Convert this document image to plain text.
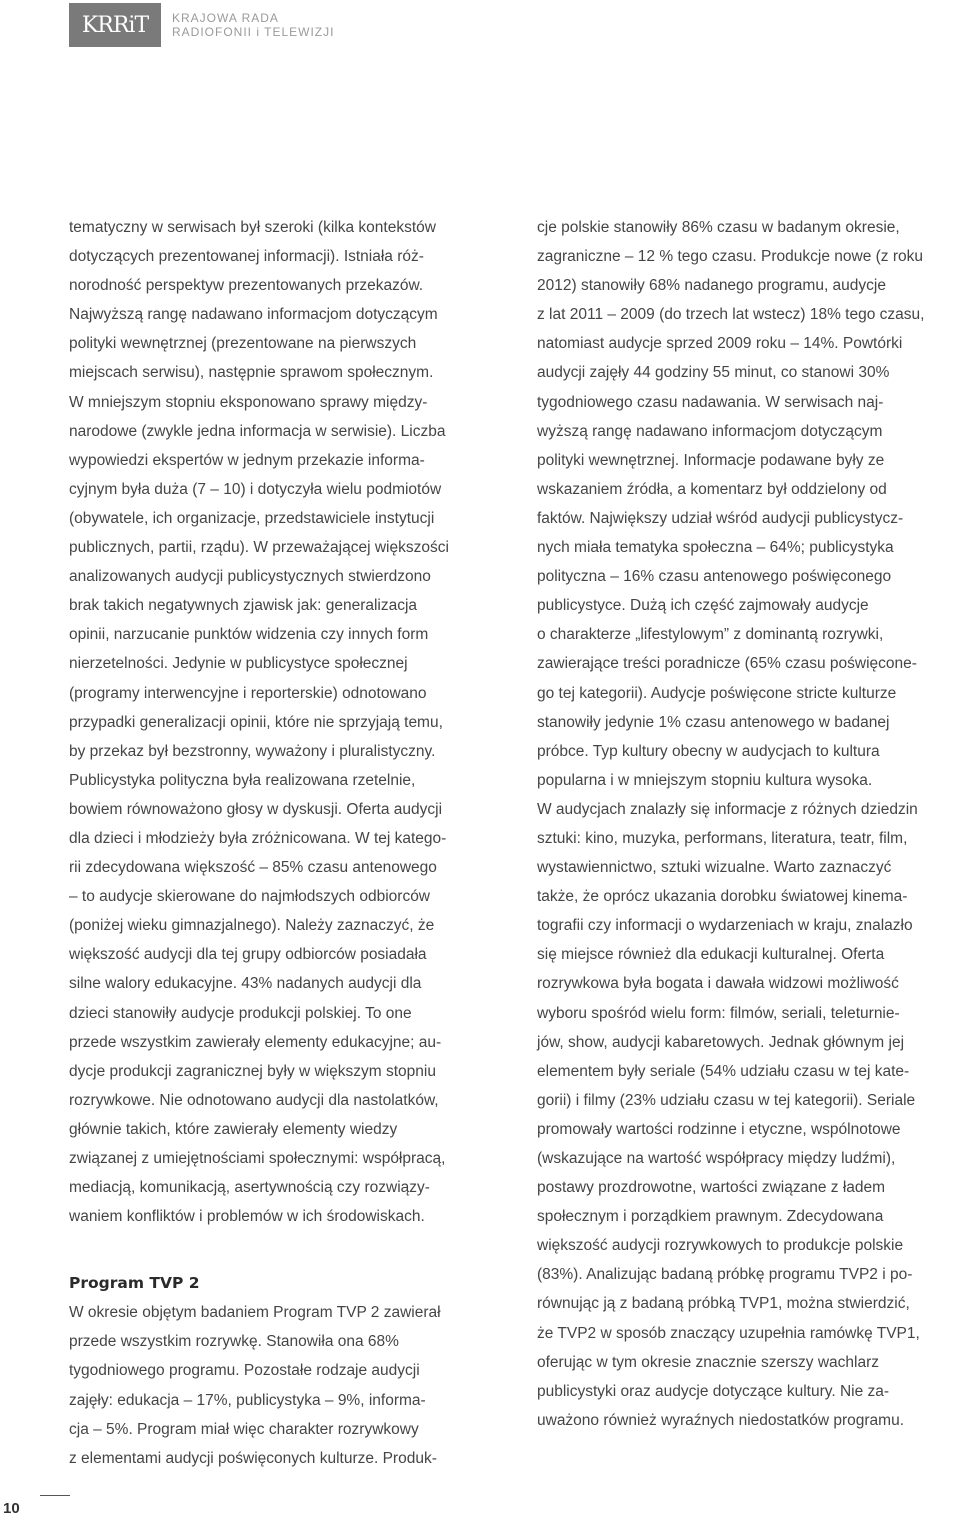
KRRiT KRAJOWA RADA
RADIOFONII i TELEWIZJI

tematyczny w serwisach był szeroki (kilka kontekstów
dotyczących prezentowanej informacji). Istniała róż-
norodność perspektyw prezentowanych przekazów.
Najwyższą rangę nadawano informacjom dotyczącym
polityki wewnętrznej (prezentowane na pierwszych
miejscach serwisu), następnie sprawom społecznym.
W mniejszym stopniu eksponowano sprawy między-
narodowe (zwykle jedna informacja w serwisie). Liczba
wypowiedzi ekspertów w jednym przekazie informa-
cyjnym była duża (7 – 10) i dotyczyła wielu podmiotów
(obywatele, ich organizacje, przedstawiciele instytucji
publicznych, partii, rządu). W przeważającej większości
analizowanych audycji publicystycznych stwierdzono
brak takich negatywnych zjawisk jak: generalizacja
opinii, narzucanie punktów widzenia czy innych form
nierzetelności. Jedynie w publicystyce społecznej
(programy interwencyjne i reporterskie) odnotowano
przypadki generalizacji opinii, które nie sprzyjają temu,
by przekaz był bezstronny, wyważony i pluralistyczny.
Publicystyka polityczna była realizowana rzetelnie,
bowiem równoważono głosy w dyskusji. Oferta audycji
dla dzieci i młodzieży była zróżnicowana. W tej katego-
rii zdecydowana większość – 85% czasu antenowego
– to audycje skierowane do najmłodszych odbiorców
(poniżej wieku gimnazjalnego). Należy zaznaczyć, że
większość audycji dla tej grupy odbiorców posiadała
silne walory edukacyjne. 43% nadanych audycji dla
dzieci stanowiły audycje produkcji polskiej. To one
przede wszystkim zawierały elementy edukacyjne; au-
dycje produkcji zagranicznej były w większym stopniu
rozrywkowe. Nie odnotowano audycji dla nastolatków,
głównie takich, które zawierały elementy wiedzy
związanej z umiejętnościami społecznymi: współpracą,
mediacją, komunikacją, asertywnością czy rozwiązy-
waniem konfliktów i problemów w ich środowiskach.

Program TVP 2

W okresie objętym badaniem Program TVP 2 zawierał
przede wszystkim rozrywkę. Stanowiła ona 68%
tygodniowego programu. Pozostałe rodzaje audycji
zajęły: edukacja – 17%, publicystyka – 9%, informa-
cja – 5%. Program miał więc charakter rozrywkowy
z elementami audycji poświęconych kulturze. Produk-

cje polskie stanowiły 86% czasu w badanym okresie,
zagraniczne – 12 % tego czasu. Produkcje nowe (z roku
2012) stanowiły 68% nadanego programu, audycje
z lat 2011 – 2009 (do trzech lat wstecz) 18% tego czasu,
natomiast audycje sprzed 2009 roku – 14%. Powtórki
audycji zajęły 44 godziny 55 minut, co stanowi 30%
tygodniowego czasu nadawania. W serwisach naj-
wyższą rangę nadawano informacjom dotyczącym
polityki wewnętrznej. Informacje podawane były ze
wskazaniem źródła, a komentarz był oddzielony od
faktów. Największy udział wśród audycji publicystycz-
nych miała tematyka społeczna – 64%; publicystyka
polityczna – 16% czasu antenowego poświęconego
publicystyce. Dużą ich część zajmowały audycje
o charakterze „lifestylowym” z dominantą rozrywki,
zawierające treści poradnicze (65% czasu poświęcone-
go tej kategorii). Audycje poświęcone stricte kulturze
stanowiły jedynie 1% czasu antenowego w badanej
próbce. Typ kultury obecny w audycjach to kultura
popularna i w mniejszym stopniu kultura wysoka.
W audycjach znalazły się informacje z różnych dziedzin
sztuki: kino, muzyka, performans, literatura, teatr, film,
wystawiennictwo, sztuki wizualne. Warto zaznaczyć
także, że oprócz ukazania dorobku światowej kinema-
tografii czy informacji o wydarzeniach w kraju, znalazło
się miejsce również dla edukacji kulturalnej. Oferta
rozrywkowa była bogata i dawała widzowi możliwość
wyboru spośród wielu form: filmów, seriali, teleturnie-
jów, show, audycji kabaretowych. Jednak głównym jej
elementem były seriale (54% udziału czasu w tej kate-
gorii) i filmy (23% udziału czasu w tej kategorii). Seriale
promowały wartości rodzinne i etyczne, wspólnotowe
(wskazujące na wartość współpracy między ludźmi),
postawy prozdrowotne, wartości związane z ładem
społecznym i porządkiem prawnym. Zdecydowana
większość audycji rozrywkowych to produkcje polskie
(83%). Analizując badaną próbkę programu TVP2 i po-
równując ją z badaną próbką TVP1, można stwierdzić,
że TVP2 w sposób znaczący uzupełnia ramówkę TVP1,
oferując w tym okresie znacznie szerszy wachlarz
publicystyki oraz audycje dotyczące kultury. Nie za-
uważono również wyraźnych niedostatków programu.

10
